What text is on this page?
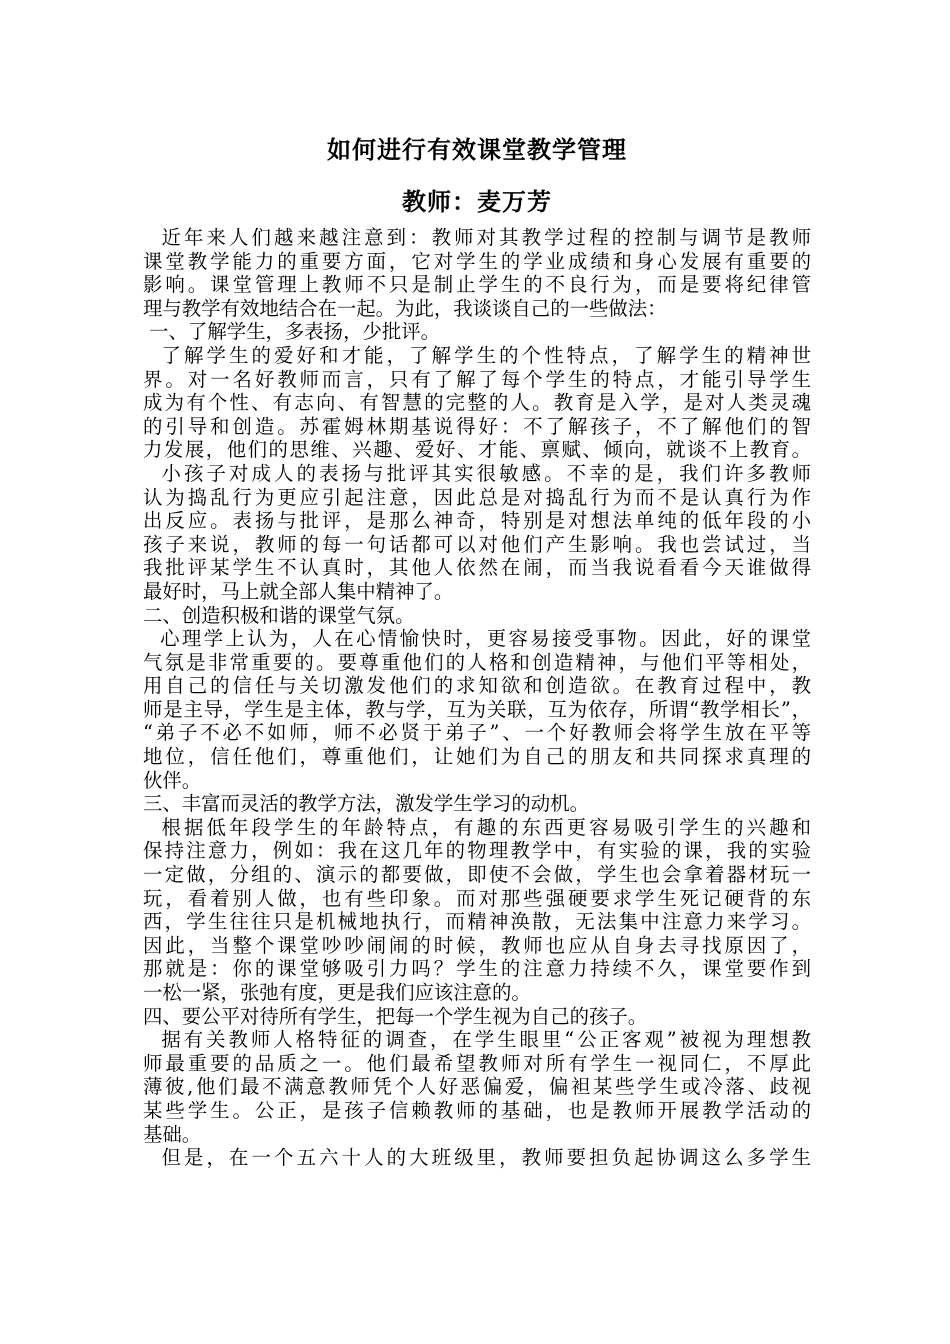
如何进行有效课堂教学管理
教师：麦万芳
近年来人们越来越注意到：教师对其教学过程的控制与调节是教师
课堂教学能力的重要方面，它对学生的学业成绩和身心发展有重要的
影响。课堂管理上教师不只是制止学生的不良行为，而是要将纪律管
理与教学有效地结合在一起。为此，我谈谈自己的一些做法：
一、了解学生，多表扬，少批评。
了解学生的爱好和才能，了解学生的个性特点，了解学生的精神世
界。对一名好教师而言，只有了解了每个学生的特点，才能引导学生
成为有个性、有志向、有智慧的完整的人。教育是入学，是对人类灵魂
的引导和创造。苏霍姆林期基说得好：不了解孩子，不了解他们的智
力发展，他们的思维、兴趣、爱好、才能、禀赋、倾向，就谈不上教育。
小孩子对成人的表扬与批评其实很敏感。不幸的是，我们许多教师
认为捣乱行为更应引起注意，因此总是对捣乱行为而不是认真行为作
出反应。表扬与批评，是那么神奇，特别是对想法单纯的低年段的小
孩子来说，教师的每一句话都可以对他们产生影响。我也尝试过，当
我批评某学生不认真时，其他人依然在闹，而当我说看看今天谁做得
最好时，马上就全部人集中精神了。
二、创造积极和谐的课堂气氛。
心理学上认为，人在心情愉快时，更容易接受事物。因此，好的课堂
气氛是非常重要的。要尊重他们的人格和创造精神，与他们平等相处，
用自己的信任与关切激发他们的求知欲和创造欲。在教育过程中，教
师是主导，学生是主体，教与学，互为关联，互为依存，所谓“教学相长”，
“弟子不必不如师，师不必贤于弟子”、一个好教师会将学生放在平等
地位，信任他们，尊重他们，让她们为自己的朋友和共同探求真理的
伙伴。
三、丰富而灵活的教学方法，激发学生学习的动机。
根据低年段学生的年龄特点，有趣的东西更容易吸引学生的兴趣和
保持注意力，例如：我在这几年的物理教学中，有实验的课，我的实验
一定做，分组的、演示的都要做，即使不会做，学生也会拿着器材玩一
玩，看着别人做，也有些印象。而对那些强硬要求学生死记硬背的东
西，学生往往只是机械地执行，而精神涣散，无法集中注意力来学习。
因此，当整个课堂吵吵闹闹的时候，教师也应从自身去寻找原因了，
那就是：你的课堂够吸引力吗？学生的注意力持续不久，课堂要作到
一松一紧，张弛有度，更是我们应该注意的。
四、要公平对待所有学生，把每一个学生视为自己的孩子。
据有关教师人格特征的调查，在学生眼里“公正客观”被视为理想教
师最重要的品质之一。他们最希望教师对所有学生一视同仁，不厚此
薄彼,他们最不满意教师凭个人好恶偏爱，偏袒某些学生或冷落、歧视
某些学生。公正，是孩子信赖教师的基础，也是教师开展教学活动的
基础。
但是，在一个五六十人的大班级里，教师要担负起协调这么多学生
